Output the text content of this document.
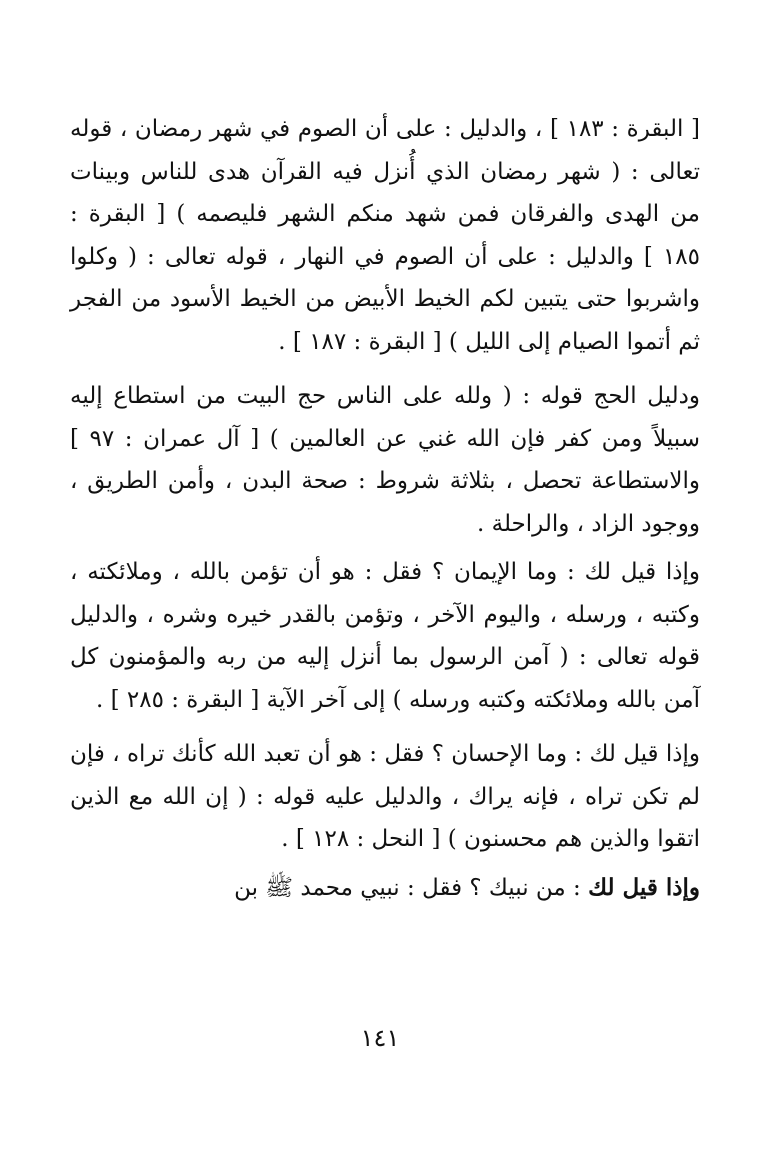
[ البقرة : ١٨٣ ] ، والدليل : على أن الصوم في شهر رمضان ، قوله تعالى : ( شهر رمضان الذي أُنزل فيه القرآن هدى للناس وبينات من الهدى والفرقان فمن شهد منكم الشهر فليصمه ) [ البقرة : ١٨٥ ] والدليل : على أن الصوم في النهار ، قوله تعالى : ( وكلوا واشربوا حتى يتبين لكم الخيط الأبيض من الخيط الأسود من الفجر ثم أتموا الصيام إلى الليل ) [ البقرة : ١٨٧ ] .

ودليل الحج قوله : ( ولله على الناس حج البيت من استطاع إليه سبيلاً ومن كفر فإن الله غني عن العالمين ) [ آل عمران : ٩٧ ] والاستطاعة تحصل ، بثلاثة شروط : صحة البدن ، وأمن الطريق ، ووجود الزاد ، والراحلة .

وإذا قيل لك : وما الإيمان ؟ فقل : هو أن تؤمن بالله ، وملائكته ، وكتبه ، ورسله ، واليوم الآخر ، وتؤمن بالقدر خيره وشره ، والدليل قوله تعالى : ( آمن الرسول بما أنزل إليه من ربه والمؤمنون كل آمن بالله وملائكته وكتبه ورسله ) إلى آخر الآية [ البقرة : ٢٨٥ ] .

وإذا قيل لك : وما الإحسان ؟ فقل : هو أن تعبد الله كأنك تراه ، فإن لم تكن تراه ، فإنه يراك ، والدليل عليه قوله : ( إن الله مع الذين اتقوا والذين هم محسنون ) [ النحل : ١٢٨ ] .

وإذا قيل لك : من نبيك ؟ فقل : نبيي محمد ﷺ بن

١٤١
